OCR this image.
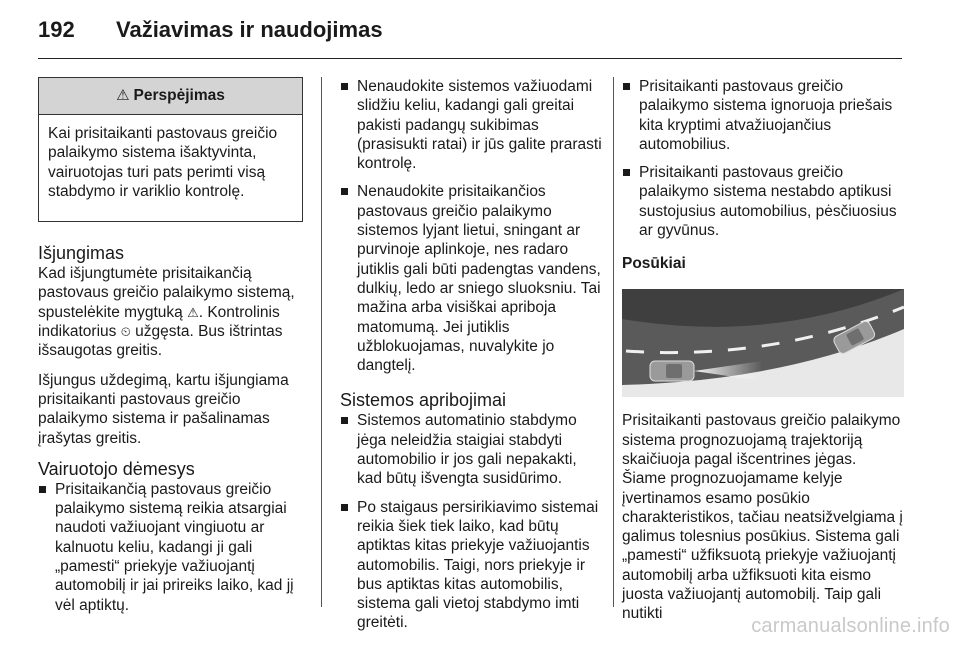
192 Važiavimas ir naudojimas
⚠ Perspėjimas

Kai prisitaikanti pastovaus greičio palaikymo sistema išaktyvinta, vairuotojas turi pats perimti visą stabdymo ir variklio kontrolę.

Išjungimas

Kad išjungtumėte prisitaikančią pastovaus greičio palaikymo sistemą, spustelėkite mygtuką ⚠︎. Kontrolinis indikatorius ⏲ užgęsta. Bus ištrintas išsaugotas greitis.

Išjungus uždegimą, kartu išjungiama prisitaikanti pastovaus greičio palaikymo sistema ir pašalinamas įrašytas greitis.

Vairuotojo dėmesys
Prisitaikančią pastovaus greičio palaikymo sistemą reikia atsargiai naudoti važiuojant vingiuotu ar kalnuotu keliu, kadangi ji gali „pamesti“ priekyje važiuojantį automobilį ir jai prireiks laiko, kad jį vėl aptiktų.
Nenaudokite sistemos važiuodami slidžiu keliu, kadangi gali greitai pakisti padangų sukibimas (prasisukti ratai) ir jūs galite prarasti kontrolę.
Nenaudokite prisitaikančios pastovaus greičio palaikymo sistemos lyjant lietui, sningant ar purvinoje aplinkoje, nes radaro jutiklis gali būti padengtas vandens, dulkių, ledo ar sniego sluoksniu. Tai mažina arba visiškai apriboja matomumą. Jei jutiklis užblokuojamas, nuvalykite jo dangtelį.
Sistemos apribojimai
Sistemos automatinio stabdymo jėga neleidžia staigiai stabdyti automobilio ir jos gali nepakakti, kad būtų išvengta susidūrimo.
Po staigaus persirikiavimo sistemai reikia šiek tiek laiko, kad būtų aptiktas kitas priekyje važiuojantis automobilis. Taigi, nors priekyje ir bus aptiktas kitas automobilis, sistema gali vietoj stabdymo imti greitėti.
Prisitaikanti pastovaus greičio palaikymo sistema ignoruoja priešais kita kryptimi atvažiuojančius automobilius.
Prisitaikanti pastovaus greičio palaikymo sistema nestabdo aptikusi sustojusius automobilius, pėsčiuosius ar gyvūnus.
Posūkiai

Prisitaikanti pastovaus greičio palaikymo sistema prognozuojamą trajektoriją skaičiuoja pagal išcentrines jėgas. Šiame prognozuojamame kelyje įvertinamos esamo posūkio charakteristikos, tačiau neatsižvelgiama į galimus tolesnius posūkius. Sistema gali „pamesti“ užfiksuotą priekyje važiuojantį automobilį arba užfiksuoti kita eismo juosta važiuojantį automobilį. Taip gali nutikti

carmanualsonline.info
